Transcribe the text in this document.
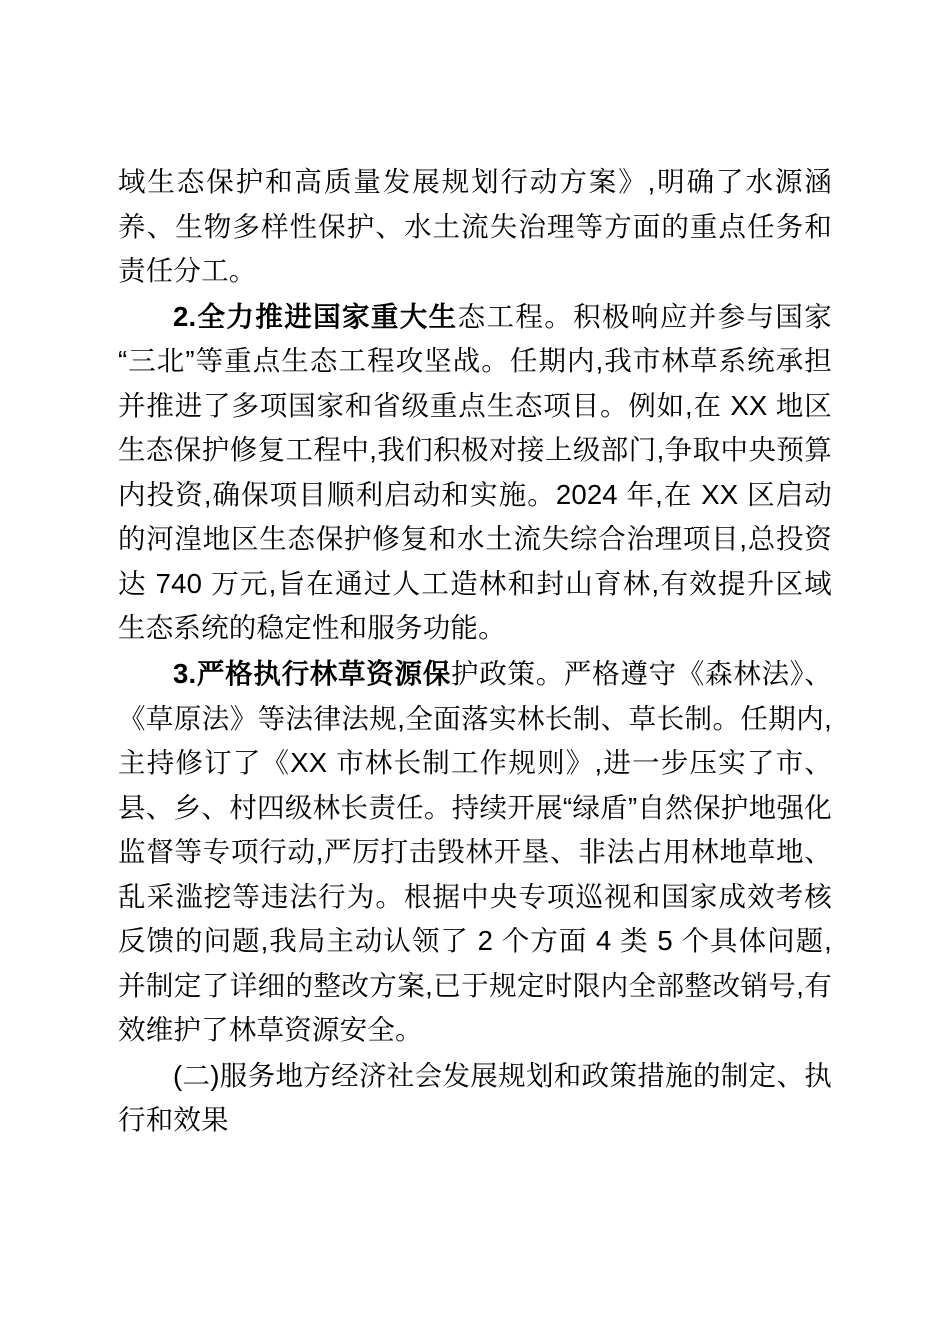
域生态保护和高质量发展规划行动方案》,明确了水源涵养、生物多样性保护、水土流失治理等方面的重点任务和责任分工。

2.全力推进国家重大生态工程。积极响应并参与国家“三北”等重点生态工程攻坚战。任期内,我市林草系统承担并推进了多项国家和省级重点生态项目。例如,在 XX 地区生态保护修复工程中,我们积极对接上级部门,争取中央预算内投资,确保项目顺利启动和实施。2024 年,在 XX 区启动的河湟地区生态保护修复和水土流失综合治理项目,总投资达 740 万元,旨在通过人工造林和封山育林,有效提升区域生态系统的稳定性和服务功能。

3.严格执行林草资源保护政策。严格遵守《森林法》、《草原法》等法律法规,全面落实林长制、草长制。任期内,主持修订了《XX 市林长制工作规则》,进一步压实了市、县、乡、村四级林长责任。持续开展“绿盾”自然保护地强化监督等专项行动,严厉打击毁林开垦、非法占用林地草地、乱采滥挖等违法行为。根据中央专项巡视和国家成效考核反馈的问题,我局主动认领了 2 个方面 4 类 5 个具体问题,并制定了详细的整改方案,已于规定时限内全部整改销号,有效维护了林草资源安全。

(二)服务地方经济社会发展规划和政策措施的制定、执行和效果
